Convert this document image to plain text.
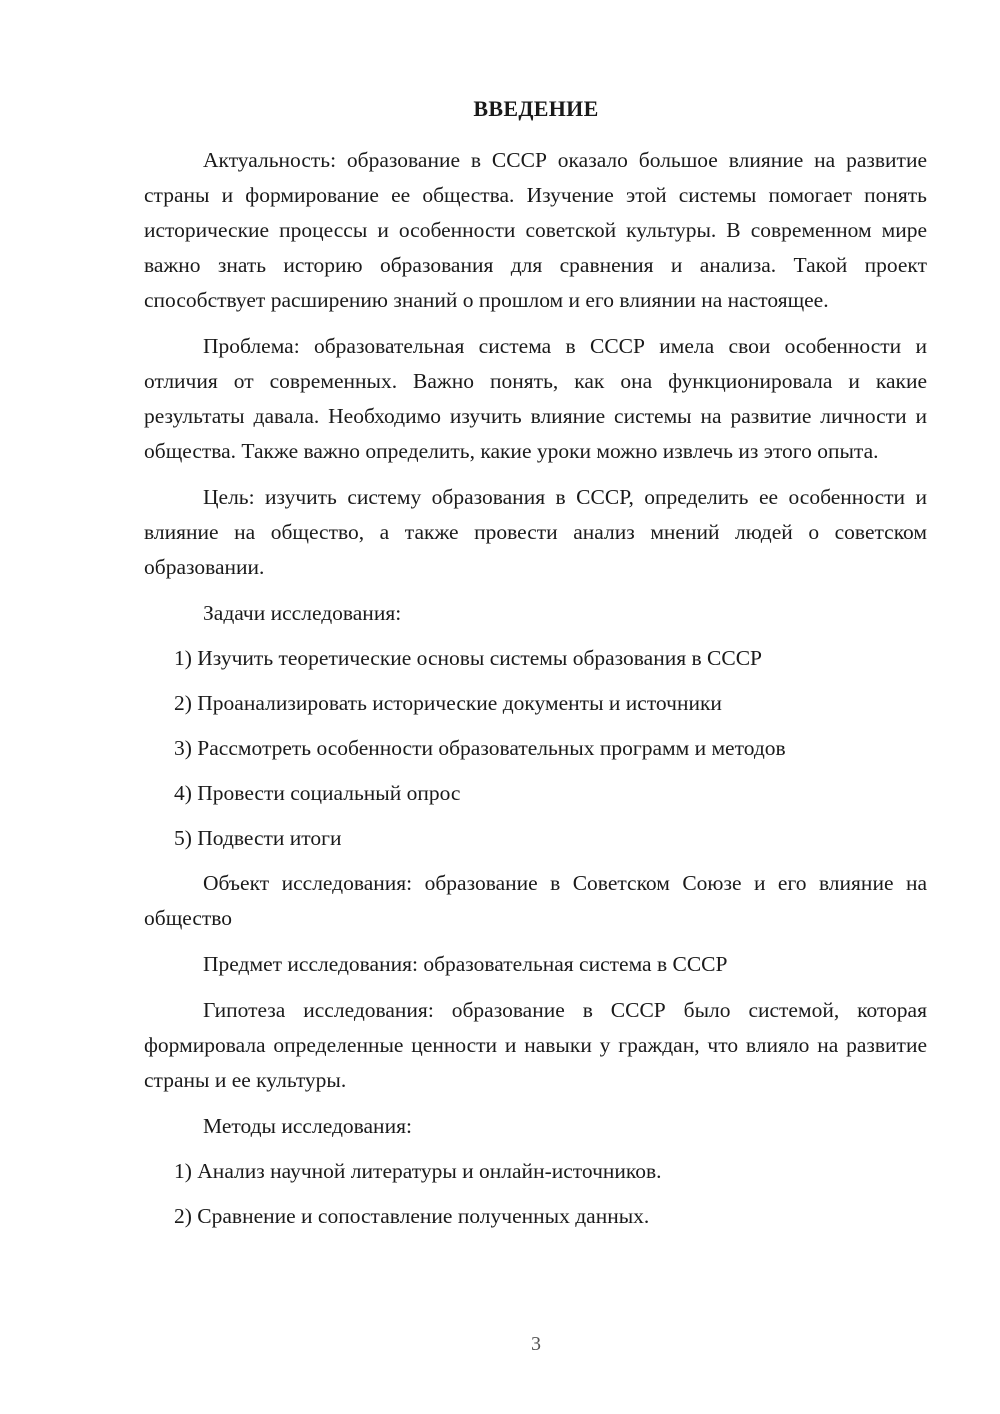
ВВЕДЕНИЕ

Актуальность: образование в СССР оказало большое влияние на развитие страны и формирование ее общества. Изучение этой системы помогает понять исторические процессы и особенности советской культуры. В современном мире важно знать историю образования для сравнения и анализа. Такой проект способствует расширению знаний о прошлом и его влиянии на настоящее.

Проблема: образовательная система в СССР имела свои особенности и отличия от современных. Важно понять, как она функционировала и какие результаты давала. Необходимо изучить влияние системы на развитие личности и общества. Также важно определить, какие уроки можно извлечь из этого опыта.

Цель: изучить систему образования в СССР, определить ее особенности и влияние на общество, а также провести анализ мнений людей о советском образовании.

Задачи исследования:

1) Изучить теоретические основы системы образования в СССР

2) Проанализировать исторические документы и источники

3) Рассмотреть особенности образовательных программ и методов

4) Провести социальный опрос

5) Подвести итоги

Объект исследования: образование в Советском Союзе и его влияние на общество

Предмет исследования: образовательная система в СССР

Гипотеза исследования: образование в СССР было системой, которая формировала определенные ценности и навыки у граждан, что влияло на развитие страны и ее культуры.

Методы исследования:

1) Анализ научной литературы и онлайн-источников.

2) Сравнение и сопоставление полученных данных.

3
